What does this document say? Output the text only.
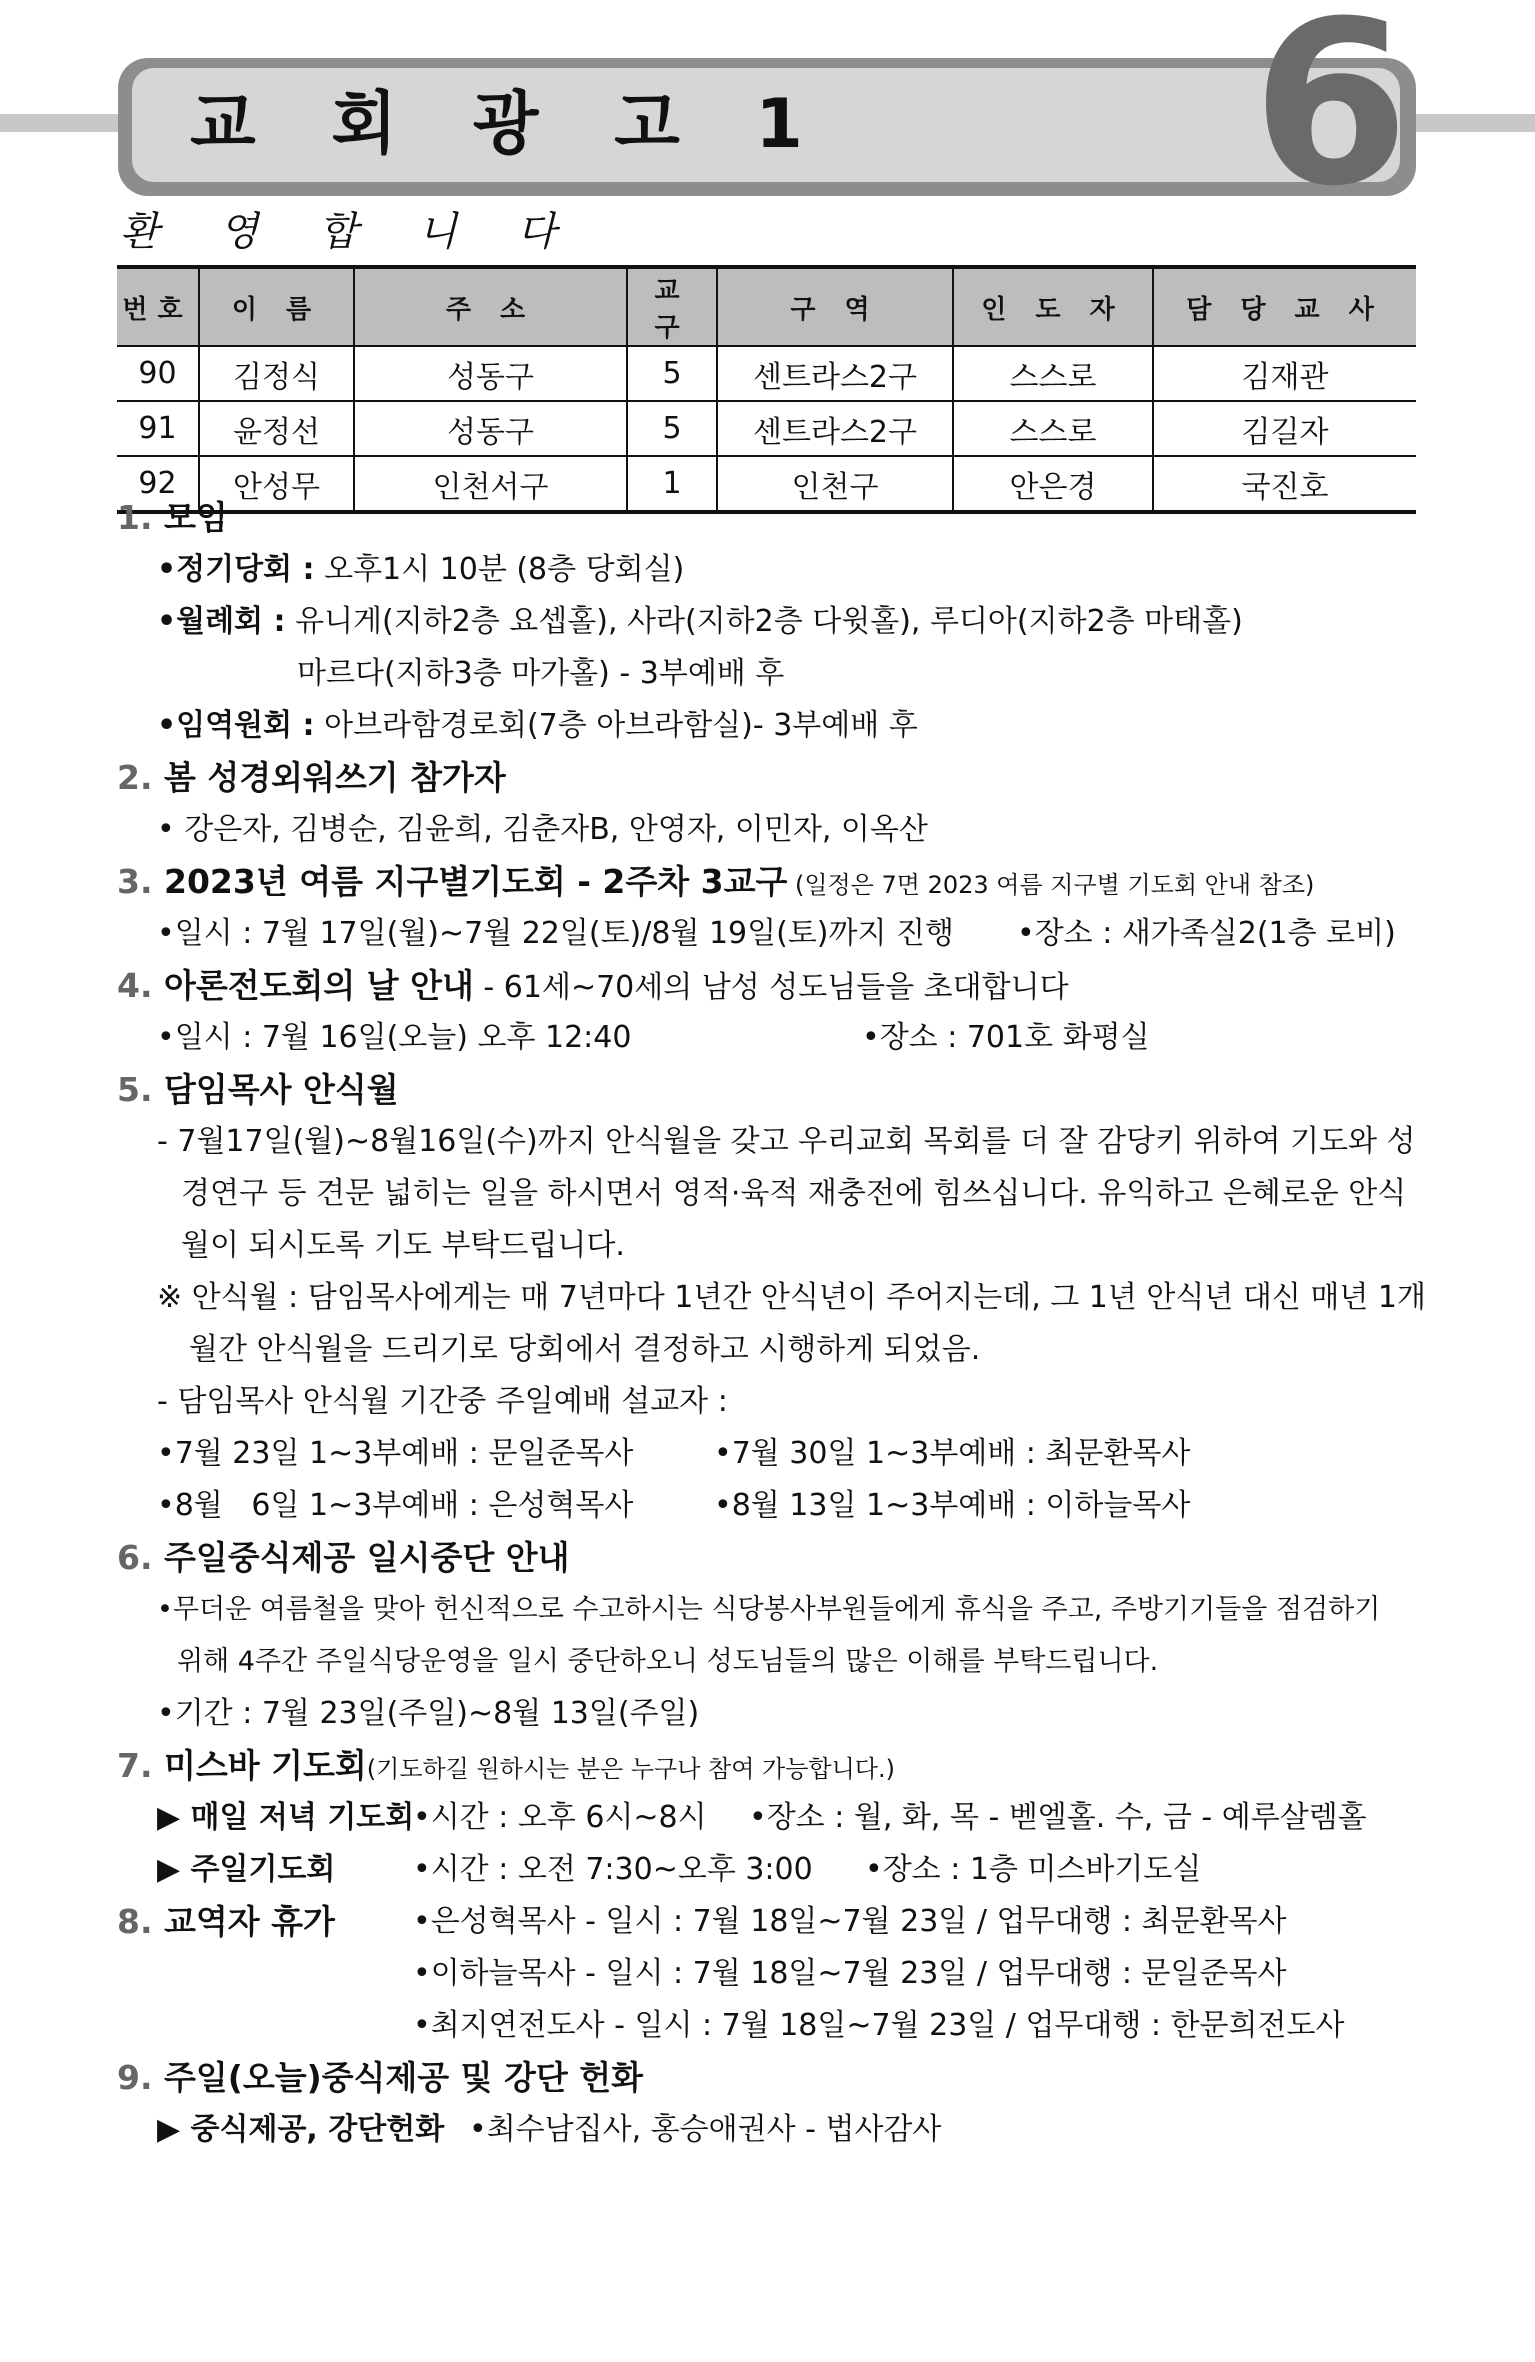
교 회 광 고 1 6
환 영 합 니 다
번호	이 름	주 소	교 구	구 역	인 도 자	담 당 교 사
90	김정식	성동구	5	센트라스2구	스스로	김재관
91	윤정선	성동구	5	센트라스2구	스스로	김길자
92	안성무	인천서구	1	인천구	안은경	국진호
1. 모임
•정기당회 : 오후1시 10분 (8층 당회실)
•월례회 : 유니게(지하2층 요셉홀), 사라(지하2층 다윗홀), 루디아(지하2층 마태홀)
마르다(지하3층 마가홀) - 3부예배 후
•임역원회 : 아브라함경로회(7층 아브라함실)- 3부예배 후
2. 봄 성경외워쓰기 참가자
• 강은자, 김병순, 김윤희, 김춘자B, 안영자, 이민자, 이옥산
3. 2023년 여름 지구별기도회 - 2주차 3교구 (일정은 7면 2023 여름 지구별 기도회 안내 참조)
•일시 : 7월 17일(월)~7월 22일(토)/8월 19일(토)까지 진행 •장소 : 새가족실2(1층 로비)
4. 아론전도회의 날 안내 - 61세~70세의 남성 성도님들을 초대합니다
•일시 : 7월 16일(오늘) 오후 12:40	•장소 : 701호 화평실
5. 담임목사 안식월
- 7월17일(월)~8월16일(수)까지 안식월을 갖고 우리교회 목회를 더 잘 감당키 위하여 기도와 성
경연구 등 견문 넓히는 일을 하시면서 영적·육적 재충전에 힘쓰십니다. 유익하고 은혜로운 안식
월이 되시도록 기도 부탁드립니다.
※ 안식월 : 담임목사에게는 매 7년마다 1년간 안식년이 주어지는데, 그 1년 안식년 대신 매년 1개
월간 안식월을 드리기로 당회에서 결정하고 시행하게 되었음.
- 담임목사 안식월 기간중 주일예배 설교자 :
•7월 23일 1~3부예배 : 문일준목사	•7월 30일 1~3부예배 : 최문환목사
•8월   6일 1~3부예배 : 은성혁목사	•8월 13일 1~3부예배 : 이하늘목사
6. 주일중식제공 일시중단 안내
•무더운 여름철을 맞아 헌신적으로 수고하시는 식당봉사부원들에게 휴식을 주고, 주방기기들을 점검하기
위해 4주간 주일식당운영을 일시 중단하오니 성도님들의 많은 이해를 부탁드립니다.
•기간 : 7월 23일(주일)~8월 13일(주일)
7. 미스바 기도회(기도하길 원하시는 분은 누구나 참여 가능합니다.)
▶ 매일 저녁 기도회
•시간 : 오후 6시~8시 •장소 : 월, 화, 목 - 벧엘홀. 수, 금 - 예루살렘홀
▶ 주일기도회	•시간 : 오전 7:30~오후 3:00 •장소 : 1층 미스바기도실
8. 교역자 휴가	•은성혁목사 - 일시 : 7월 18일~7월 23일 / 업무대행 : 최문환목사
•이하늘목사 - 일시 : 7월 18일~7월 23일 / 업무대행 : 문일준목사
•최지연전도사 - 일시 : 7월 18일~7월 23일 / 업무대행 : 한문희전도사
9. 주일(오늘)중식제공 및 강단 헌화
▶ 중식제공, 강단헌화 •최수남집사, 홍승애권사 - 법사감사
